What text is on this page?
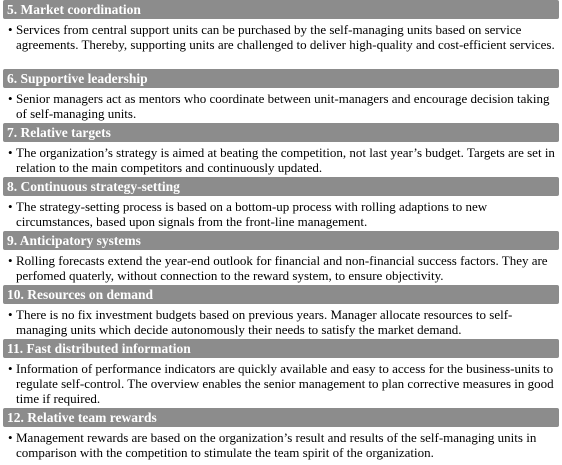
5. Market coordination
• Services from central support units can be purchased by the self-managing units based on service agreements. Thereby, supporting units are challenged to deliver high-quality and cost-efficient services.
6. Supportive leadership
• Senior managers act as mentors who coordinate between unit-managers and encourage decision taking of self-managing units.
7. Relative targets
• The organization’s strategy is aimed at beating the competition, not last year’s budget. Targets are set in relation to the main competitors and continuously updated.
8. Continuous strategy-setting
• The strategy-setting process is based on a bottom-up process with rolling adaptions to new circumstances, based upon signals from the front-line management.
9. Anticipatory systems
• Rolling forecasts extend the year-end outlook for financial and non-financial success factors. They are perfomed quaterly, without connection to the reward system, to ensure objectivity.
10. Resources on demand
• There is no fix investment budgets based on previous years. Manager allocate resources to self-managing units which decide autonomously their needs to satisfy the market demand.
11. Fast distributed information
• Information of performance indicators are quickly available and easy to access for the business-units to regulate self-control. The overview enables the senior management to plan corrective measures in good time if required.
12. Relative team rewards
• Management rewards are based on the organization’s result and results of the self-managing units in comparison with the competition to stimulate the team spirit of the organization.
